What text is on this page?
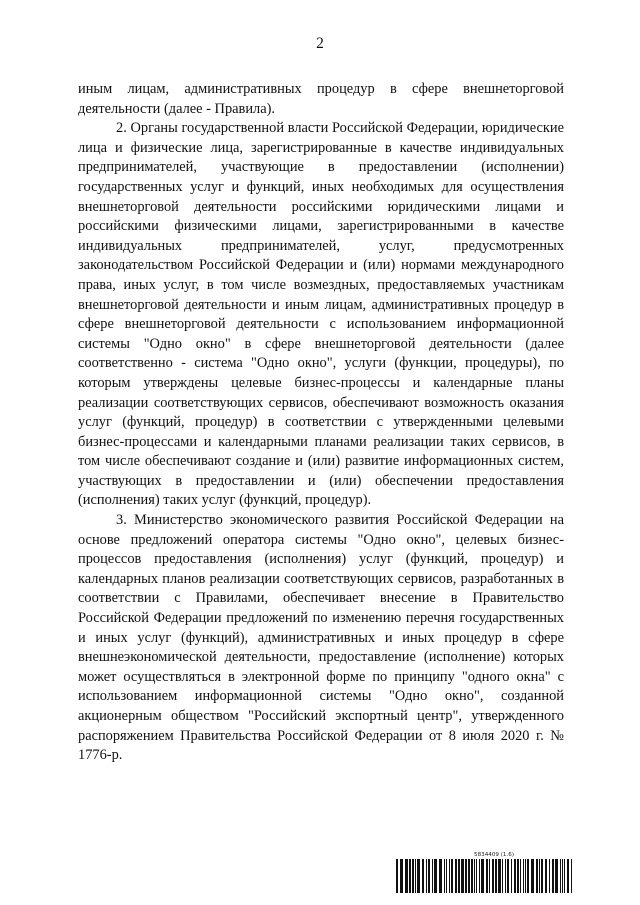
2

иным лицам, административных процедур в сфере внешнеторговой деятельности (далее - Правила).

2. Органы государственной власти Российской Федерации, юридические лица и физические лица, зарегистрированные в качестве индивидуальных предпринимателей, участвующие в предоставлении (исполнении) государственных услуг и функций, иных необходимых для осуществления внешнеторговой деятельности российскими юридическими лицами и российскими физическими лицами, зарегистрированными в качестве индивидуальных предпринимателей, услуг, предусмотренных законодательством Российской Федерации и (или) нормами международного права, иных услуг, в том числе возмездных, предоставляемых участникам внешнеторговой деятельности и иным лицам, административных процедур в сфере внешнеторговой деятельности с использованием информационной системы "Одно окно" в сфере внешнеторговой деятельности (далее соответственно - система "Одно окно", услуги (функции, процедуры), по которым утверждены целевые бизнес-процессы и календарные планы реализации соответствующих сервисов, обеспечивают возможность оказания услуг (функций, процедур) в соответствии с утвержденными целевыми бизнес-процессами и календарными планами реализации таких сервисов, в том числе обеспечивают создание и (или) развитие информационных систем, участвующих в предоставлении и (или) обеспечении предоставления (исполнения) таких услуг (функций, процедур).

3. Министерство экономического развития Российской Федерации на основе предложений оператора системы "Одно окно", целевых бизнес-процессов предоставления (исполнения) услуг (функций, процедур) и календарных планов реализации соответствующих сервисов, разработанных в соответствии с Правилами, обеспечивает внесение в Правительство Российской Федерации предложений по изменению перечня государственных и иных услуг (функций), административных и иных процедур в сфере внешнеэкономической деятельности, предоставление (исполнение) которых может осуществляться в электронной форме по принципу "одного окна" с использованием информационной системы "Одно окно", созданной акционерным обществом "Российский экспортный центр", утвержденного распоряжением Правительства Российской Федерации от 8 июля 2020 г. № 1776-р.

5834409 (1.6)
